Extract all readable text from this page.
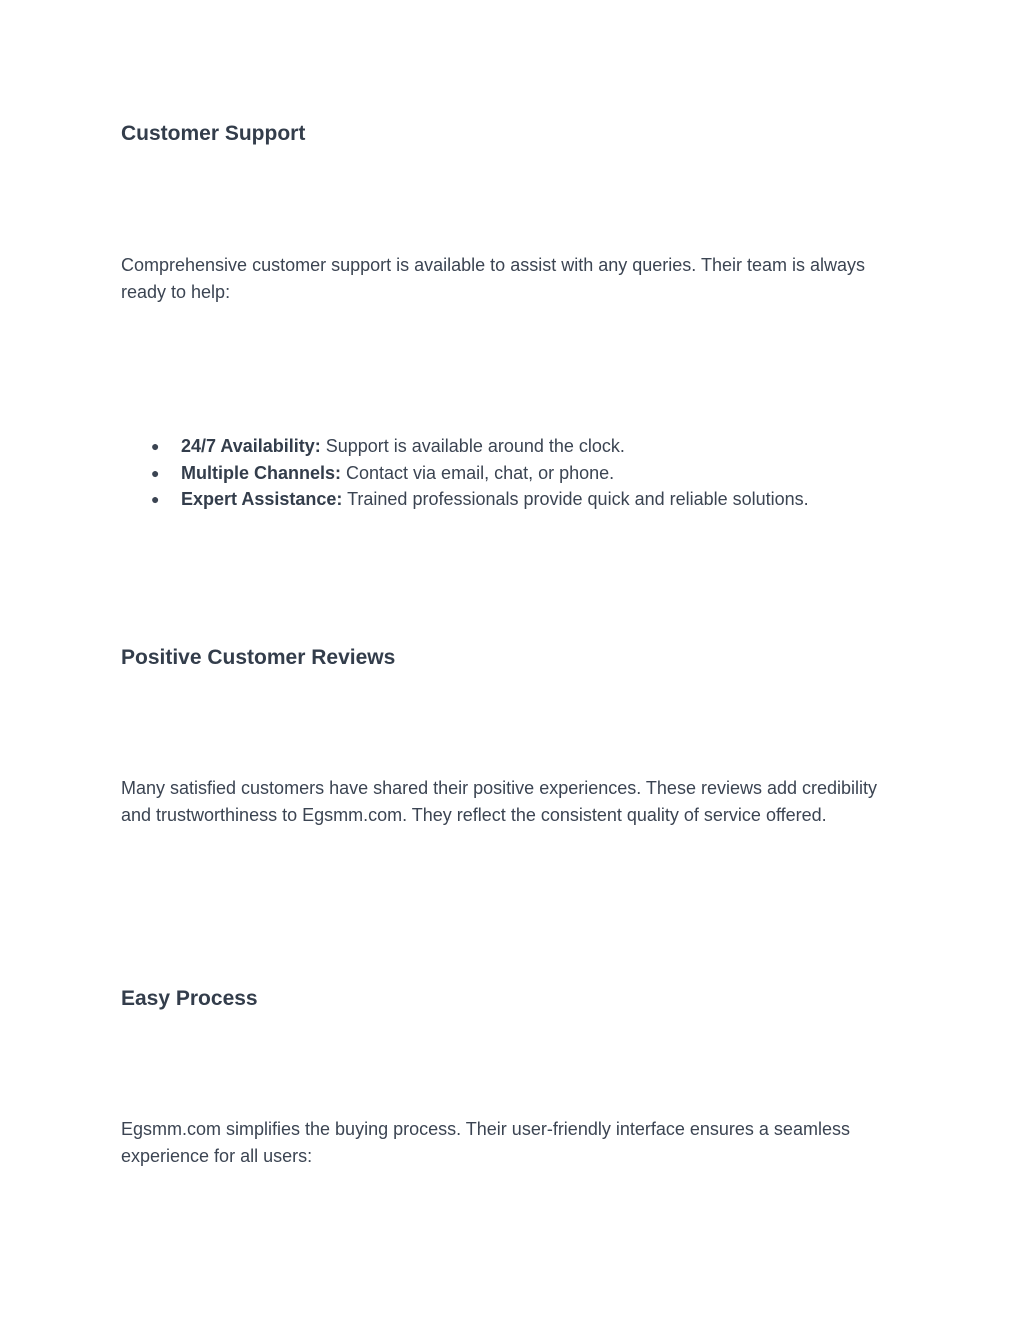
Customer Support

Comprehensive customer support is available to assist with any queries. Their team is always ready to help:

● 24/7 Availability: Support is available around the clock.
● Multiple Channels: Contact via email, chat, or phone.
● Expert Assistance: Trained professionals provide quick and reliable solutions.
Positive Customer Reviews

Many satisfied customers have shared their positive experiences. These reviews add credibility and trustworthiness to Egsmm.com. They reflect the consistent quality of service offered.

Easy Process

Egsmm.com simplifies the buying process. Their user-friendly interface ensures a seamless experience for all users:
